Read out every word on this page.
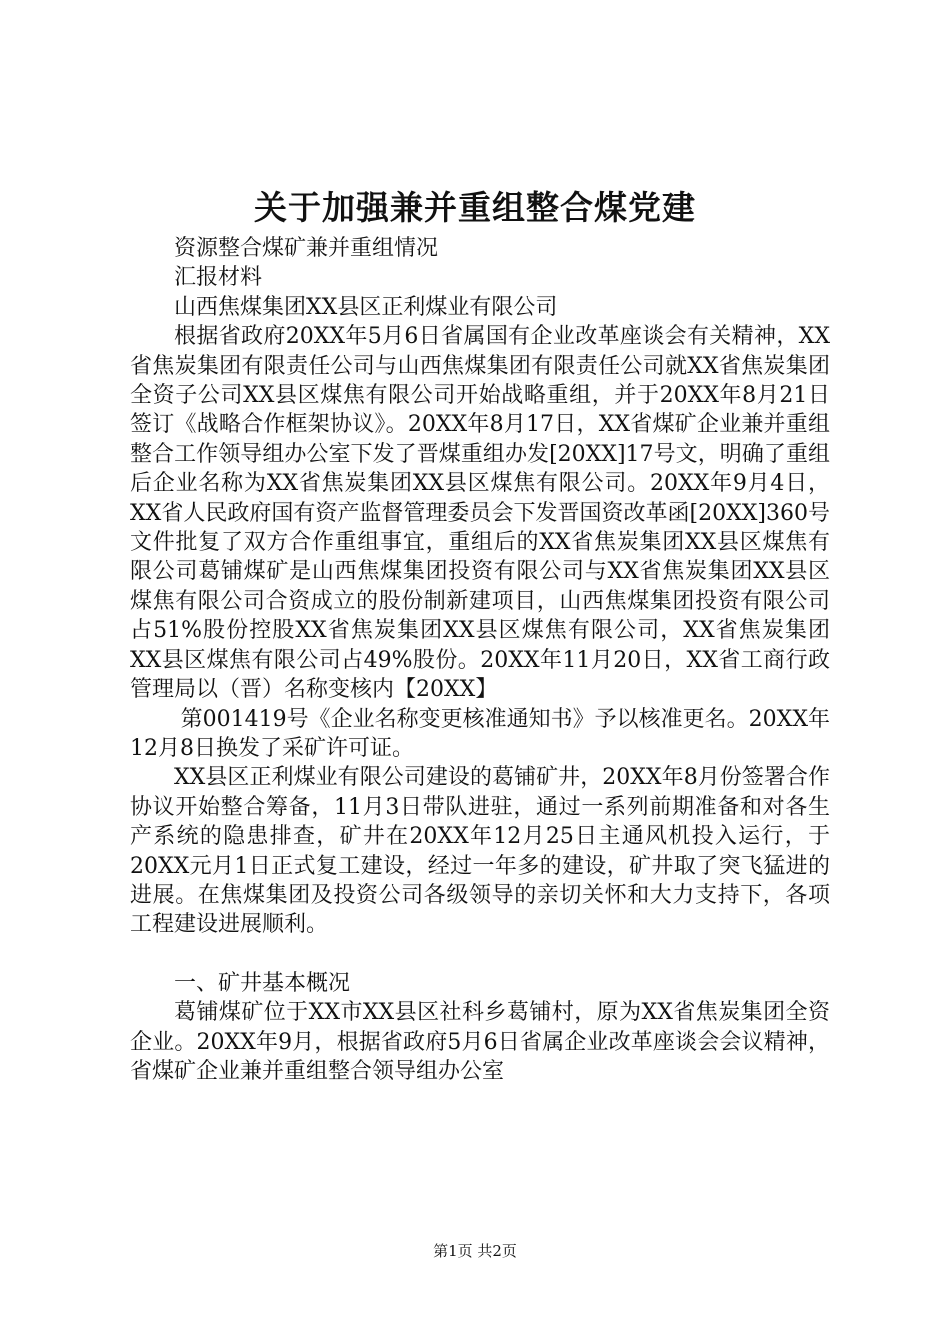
关于加强兼并重组整合煤党建

资源整合煤矿兼并重组情况

汇报材料

山西焦煤集团XX县区正利煤业有限公司

根据省政府20XX年5月6日省属国有企业改革座谈会有关精神，XX省焦炭集团有限责任公司与山西焦煤集团有限责任公司就XX省焦炭集团全资子公司XX县区煤焦有限公司开始战略重组，并于20XX年8月21日签订《战略合作框架协议》。20XX年8月17日，XX省煤矿企业兼并重组整合工作领导组办公室下发了晋煤重组办发[20XX]17号文，明确了重组后企业名称为XX省焦炭集团XX县区煤焦有限公司。20XX年9月4日，XX省人民政府国有资产监督管理委员会下发晋国资改革函[20XX]360号文件批复了双方合作重组事宜，重组后的XX省焦炭集团XX县区煤焦有限公司葛铺煤矿是山西焦煤集团投资有限公司与XX省焦炭集团XX县区煤焦有限公司合资成立的股份制新建项目，山西焦煤集团投资有限公司占51%股份控股XX省焦炭集团XX县区煤焦有限公司，XX省焦炭集团XX县区煤焦有限公司占49%股份。20XX年11月20日，XX省工商行政管理局以（晋）名称变核内【20XX】

第001419号《企业名称变更核准通知书》予以核准更名。20XX年12月8日换发了采矿许可证。

XX县区正利煤业有限公司建设的葛铺矿井，20XX年8月份签署合作协议开始整合筹备，11月3日带队进驻，通过一系列前期准备和对各生产系统的隐患排查，矿井在20XX年12月25日主通风机投入运行，于20XX元月1日正式复工建设，经过一年多的建设，矿井取了突飞猛进的进展。在焦煤集团及投资公司各级领导的亲切关怀和大力支持下，各项工程建设进展顺利。

一、矿井基本概况

葛铺煤矿位于XX市XX县区社科乡葛铺村，原为XX省焦炭集团全资企业。20XX年9月，根据省政府5月6日省属企业改革座谈会会议精神，省煤矿企业兼并重组整合领导组办公室

第1页 共2页
